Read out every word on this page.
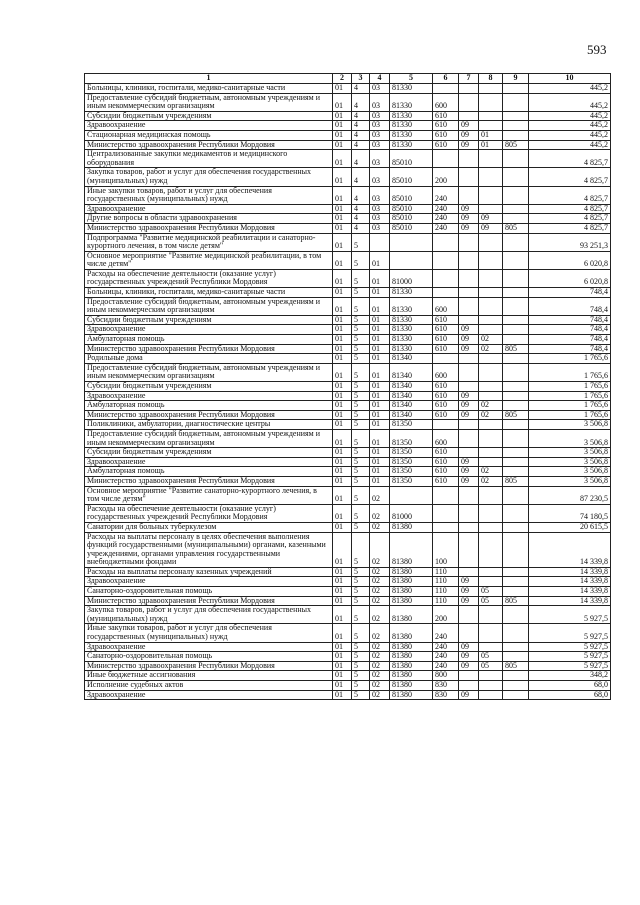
593
1	2	3	4	5	6	7	8	9	10
Больницы, клиники, госпитали, медико-санитарные части	01	4	03	81330					445,2
Предоставление субсидий бюджетным, автономным учреждениям и иным некоммерческим организациям	01	4	03	81330	600				445,2
Субсидии бюджетным учреждениям	01	4	03	81330	610				445,2
Здравоохранение	01	4	03	81330	610	09			445,2
Стационарная медицинская помощь	01	4	03	81330	610	09	01		445,2
Министерство здравоохранения Республики Мордовия	01	4	03	81330	610	09	01	805	445,2
Централизованные закупки медикаментов и медицинского оборудования	01	4	03	85010					4 825,7
Закупка товаров, работ и услуг для обеспечения государственных (муниципальных) нужд	01	4	03	85010	200				4 825,7
Иные закупки товаров, работ и услуг для обеспечения государственных (муниципальных) нужд	01	4	03	85010	240				4 825,7
Здравоохранение	01	4	03	85010	240	09			4 825,7
Другие вопросы в области здравоохранения	01	4	03	85010	240	09	09		4 825,7
Министерство здравоохранения Республики Мордовия	01	4	03	85010	240	09	09	805	4 825,7
Подпрограмма "Развитие медицинской реабилитации и санаторно-курортного лечения, в том числе детям"	01	5							93 251,3
Основное мероприятие "Развитие медицинской реабилитации, в том числе детям"	01	5	01						6 020,8
Расходы на обеспечение деятельности (оказание услуг) государственных учреждений Республики Мордовия	01	5	01	81000					6 020,8
Больницы, клиники, госпитали, медико-санитарные части	01	5	01	81330					748,4
Предоставление субсидий бюджетным, автономным учреждениям и иным некоммерческим организациям	01	5	01	81330	600				748,4
Субсидии бюджетным учреждениям	01	5	01	81330	610				748,4
Здравоохранение	01	5	01	81330	610	09			748,4
Амбулаторная помощь	01	5	01	81330	610	09	02		748,4
Министерство здравоохранения Республики Мордовия	01	5	01	81330	610	09	02	805	748,4
Родильные дома	01	5	01	81340					1 765,6
Предоставление субсидий бюджетным, автономным учреждениям и иным некоммерческим организациям	01	5	01	81340	600				1 765,6
Субсидии бюджетным учреждениям	01	5	01	81340	610				1 765,6
Здравоохранение	01	5	01	81340	610	09			1 765,6
Амбулаторная помощь	01	5	01	81340	610	09	02		1 765,6
Министерство здравоохранения Республики Мордовия	01	5	01	81340	610	09	02	805	1 765,6
Поликлиники, амбулатории, диагностические центры	01	5	01	81350					3 506,8
Предоставление субсидий бюджетным, автономным учреждениям и иным некоммерческим организациям	01	5	01	81350	600				3 506,8
Субсидии бюджетным учреждениям	01	5	01	81350	610				3 506,8
Здравоохранение	01	5	01	81350	610	09			3 506,8
Амбулаторная помощь	01	5	01	81350	610	09	02		3 506,8
Министерство здравоохранения Республики Мордовия	01	5	01	81350	610	09	02	805	3 506,8
Основное мероприятие "Развитие санаторно-курортного лечения, в том числе детям"	01	5	02						87 230,5
Расходы на обеспечение деятельности (оказание услуг) государственных учреждений Республики Мордовия	01	5	02	81000					74 180,5
Санатории для больных туберкулезом	01	5	02	81380					20 615,5
Расходы на выплаты персоналу в целях обеспечения выполнения функций государственными (муниципальными) органами, казенными учреждениями, органами управления государственными внебюджетными фондами	01	5	02	81380	100				14 339,8
Расходы на выплаты персоналу казенных учреждений	01	5	02	81380	110				14 339,8
Здравоохранение	01	5	02	81380	110	09			14 339,8
Санаторно-оздоровительная помощь	01	5	02	81380	110	09	05		14 339,8
Министерство здравоохранения Республики Мордовия	01	5	02	81380	110	09	05	805	14 339,8
Закупка товаров, работ и услуг для обеспечения государственных (муниципальных) нужд	01	5	02	81380	200				5 927,5
Иные закупки товаров, работ и услуг для обеспечения государственных (муниципальных) нужд	01	5	02	81380	240				5 927,5
Здравоохранение	01	5	02	81380	240	09			5 927,5
Санаторно-оздоровительная помощь	01	5	02	81380	240	09	05		5 927,5
Министерство здравоохранения Республики Мордовия	01	5	02	81380	240	09	05	805	5 927,5
Иные бюджетные ассигнования	01	5	02	81380	800				348,2
Исполнение судебных актов	01	5	02	81380	830				68,0
Здравоохранение	01	5	02	81380	830	09			68,0
